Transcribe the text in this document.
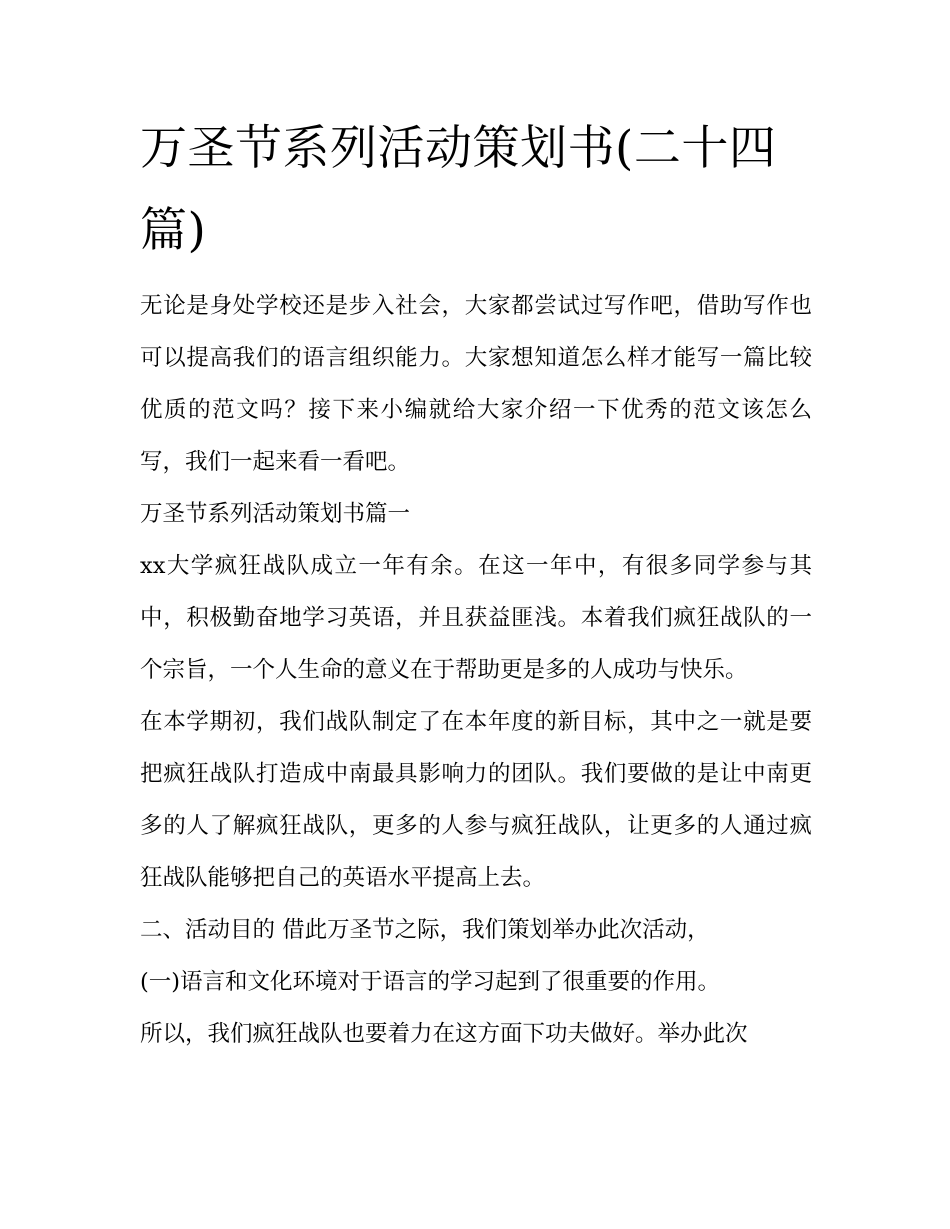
万圣节系列活动策划书(二十四篇)

无论是身处学校还是步入社会，大家都尝试过写作吧，借助写作也可以提高我们的语言组织能力。大家想知道怎么样才能写一篇比较优质的范文吗？接下来小编就给大家介绍一下优秀的范文该怎么写，我们一起来看一看吧。

万圣节系列活动策划书篇一

xx大学疯狂战队成立一年有余。在这一年中，有很多同学参与其中，积极勤奋地学习英语，并且获益匪浅。本着我们疯狂战队的一个宗旨，一个人生命的意义在于帮助更是多的人成功与快乐。

在本学期初，我们战队制定了在本年度的新目标，其中之一就是要把疯狂战队打造成中南最具影响力的团队。我们要做的是让中南更多的人了解疯狂战队，更多的人参与疯狂战队，让更多的人通过疯狂战队能够把自己的英语水平提高上去。

二、活动目的 借此万圣节之际，我们策划举办此次活动，

(一)语言和文化环境对于语言的学习起到了很重要的作用。

所以，我们疯狂战队也要着力在这方面下功夫做好。举办此次
